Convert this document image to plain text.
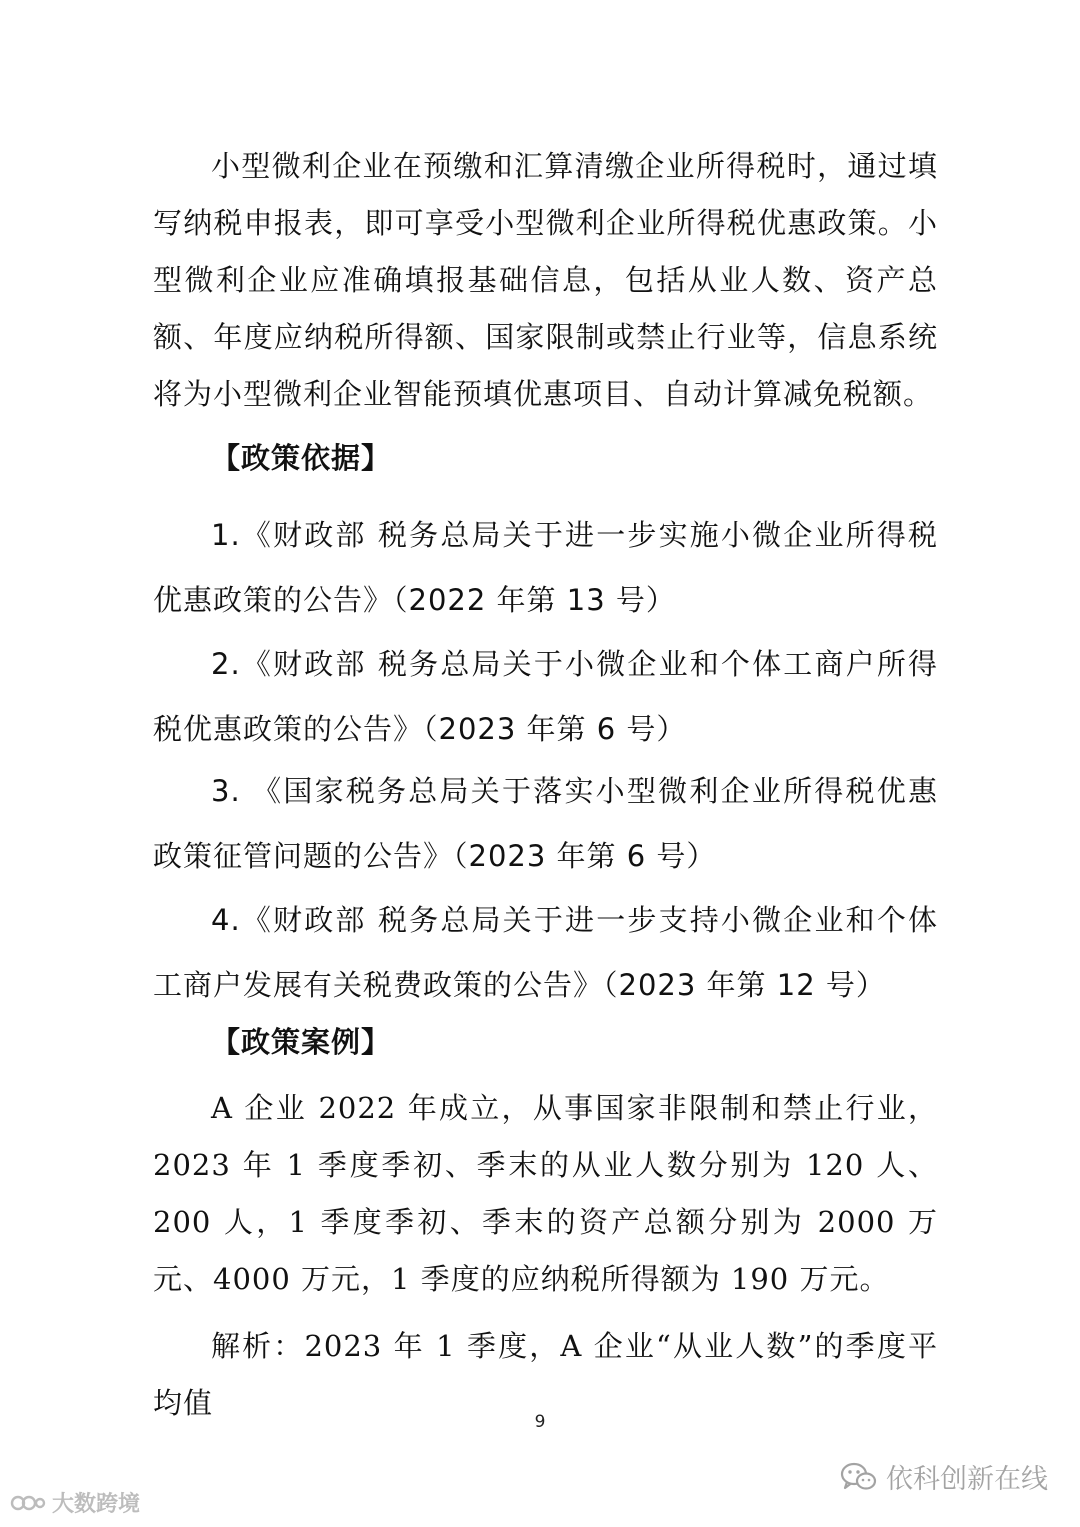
小型微利企业在预缴和汇算清缴企业所得税时，通过填写纳税申报表，即可享受小型微利企业所得税优惠政策。小型微利企业应准确填报基础信息，包括从业人数、资产总额、年度应纳税所得额、国家限制或禁止行业等，信息系统将为小型微利企业智能预填优惠项目、自动计算减免税额。

【政策依据】

1.《财政部 税务总局关于进一步实施小微企业所得税优惠政策的公告》（2022 年第 13 号）

2.《财政部 税务总局关于小微企业和个体工商户所得税优惠政策的公告》（2023 年第 6 号）

3. 《国家税务总局关于落实小型微利企业所得税优惠政策征管问题的公告》（2023 年第 6 号）

4.《财政部 税务总局关于进一步支持小微企业和个体工商户发展有关税费政策的公告》（2023 年第 12 号）

【政策案例】

A 企业 2022 年成立，从事国家非限制和禁止行业，2023 年 1 季度季初、季末的从业人数分别为 120 人、200 人，1 季度季初、季末的资产总额分别为 2000 万元、4000 万元，1 季度的应纳税所得额为 190 万元。

解析：2023 年 1 季度，A 企业“从业人数”的季度平均值

9
依科创新在线
大数跨境
